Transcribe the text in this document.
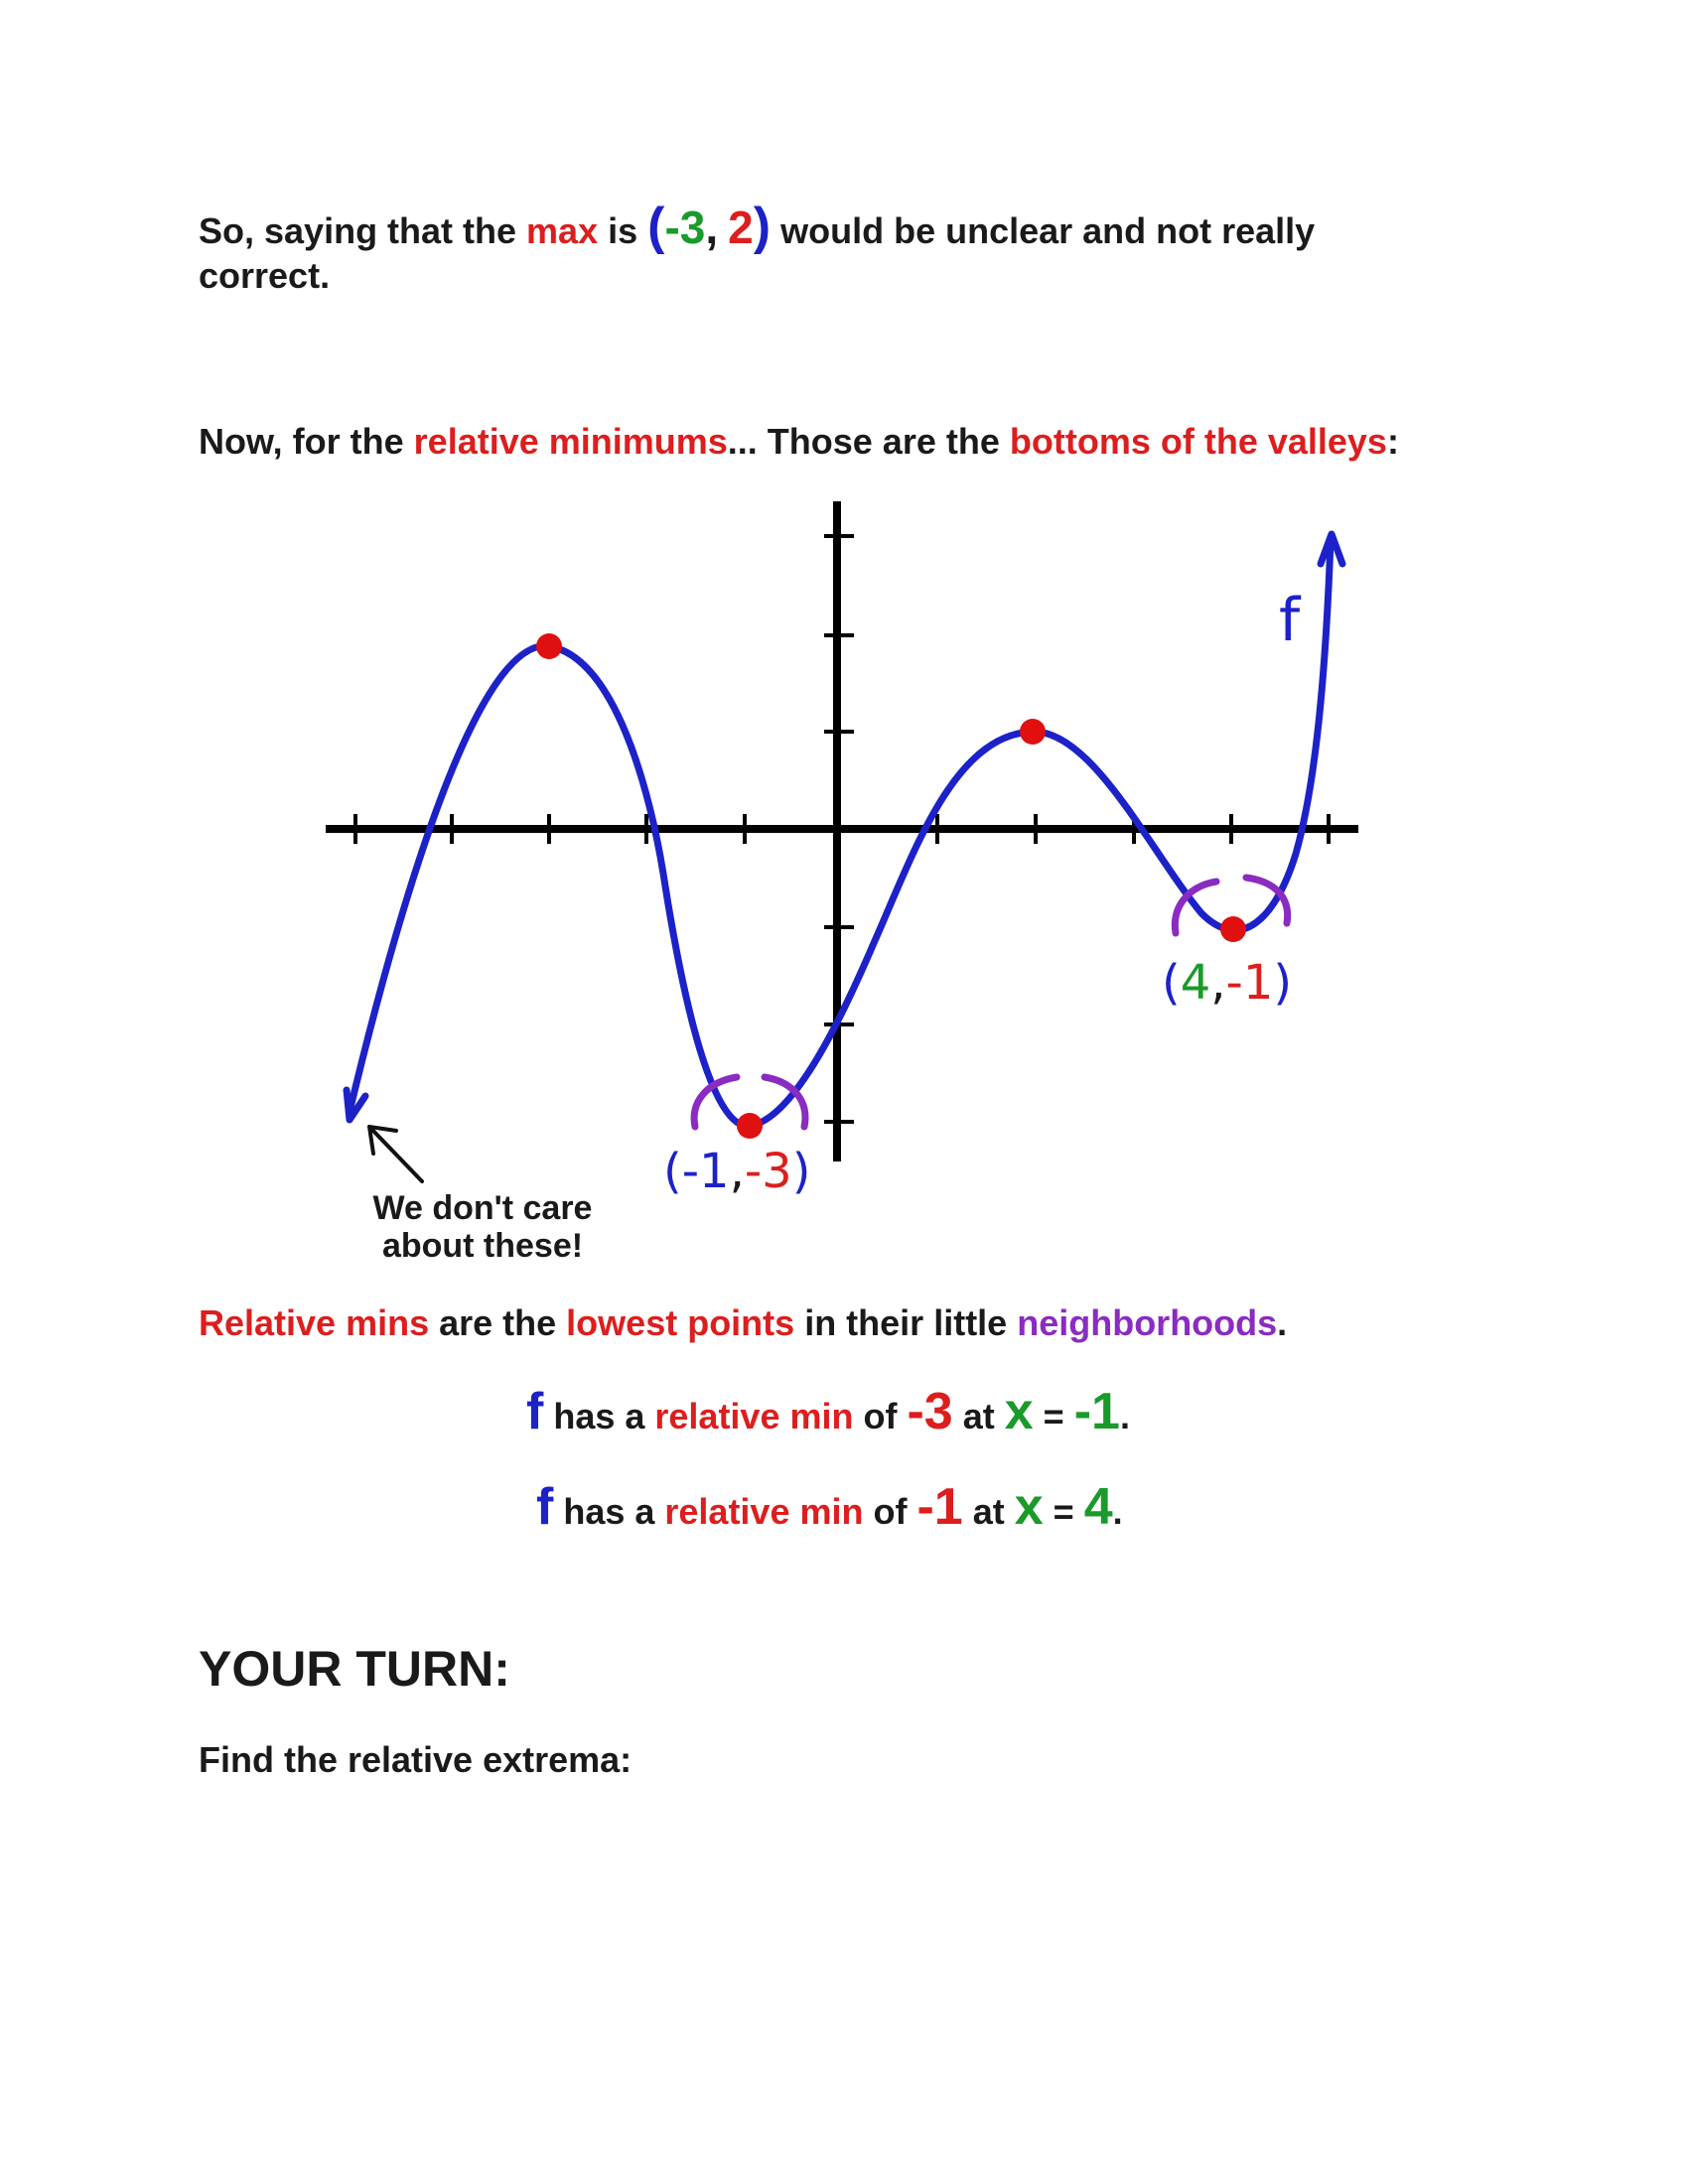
So, saying that the max is (-3, 2) would be unclear and not really
correct.
Now, for the relative minimums... Those are the bottoms of the valleys:
f
(-1,-3)
(4,-1)
We don't care
about these!
Relative mins are the lowest points in their little neighborhoods.
f has a relative min of -3 at x = -1.
f has a relative min of -1 at x = 4.
YOUR TURN:
Find the relative extrema:
